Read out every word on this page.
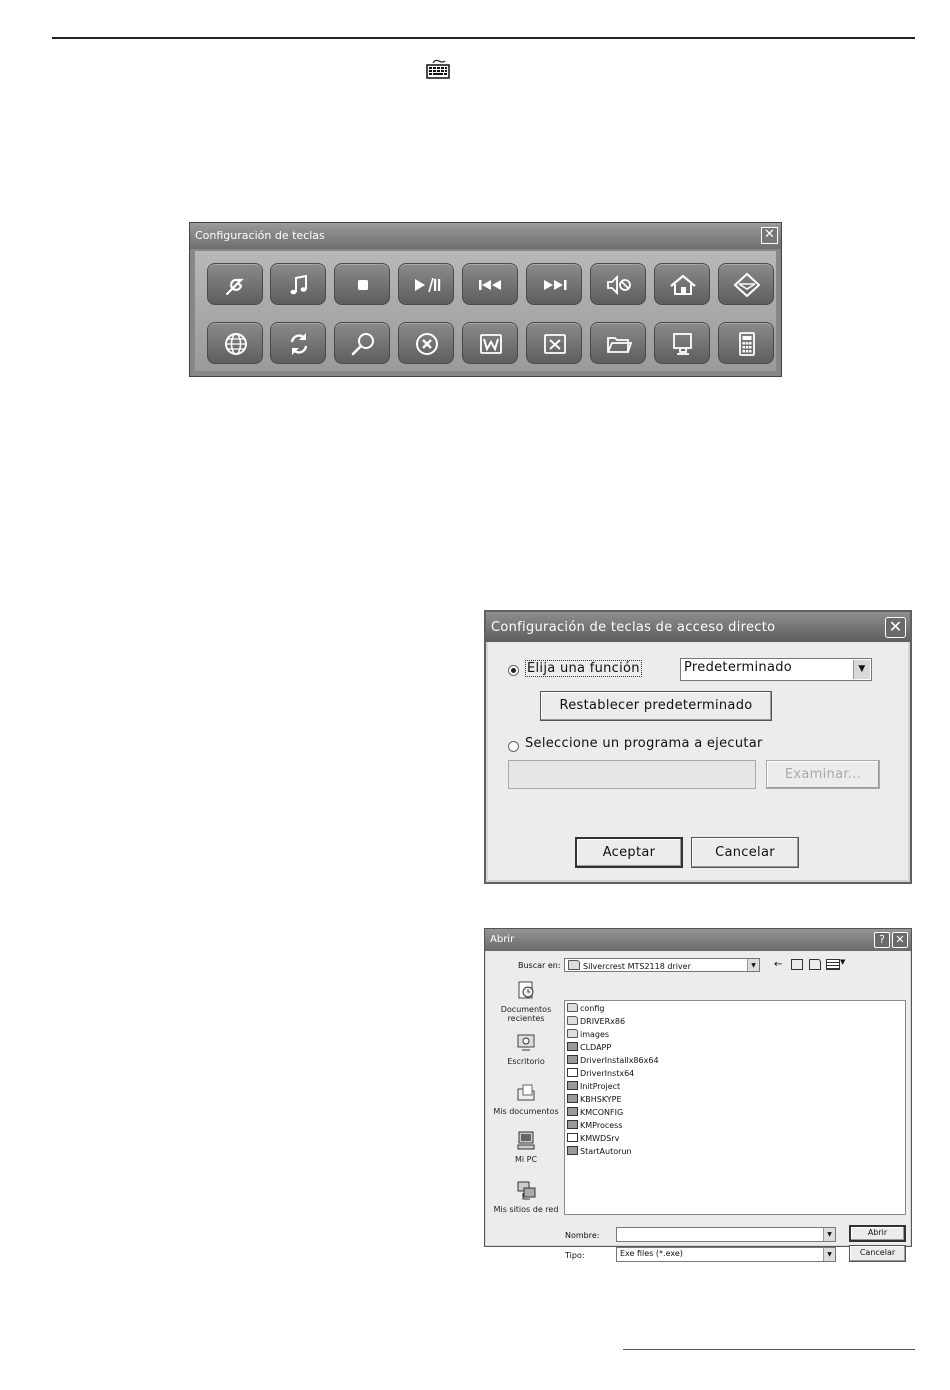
Configuración de teclas	✕
Configuración de teclas de acceso directo	✕
Elija una función	Predeterminado	▼
Restablecer predeterminado
Seleccione un programa a ejecutar
Examinar...
Aceptar	Cancelar
Abrir	? ✕
Buscar en:	Silvercrest MTS2118 driver	▼	←	▼
Documentos recientes
Escritorio
Mis documentos
Mi PC
Mis sitios de red
config
DRIVERx86
images
CLDAPP
DriverInstallx86x64
DriverInstx64
InitProject
KBHSKYPE
KMCONFIG
KMProcess
KMWDSrv
StartAutorun
Nombre:	▼	Abrir
Tipo:	Exe files (*.exe)	▼	Cancelar
